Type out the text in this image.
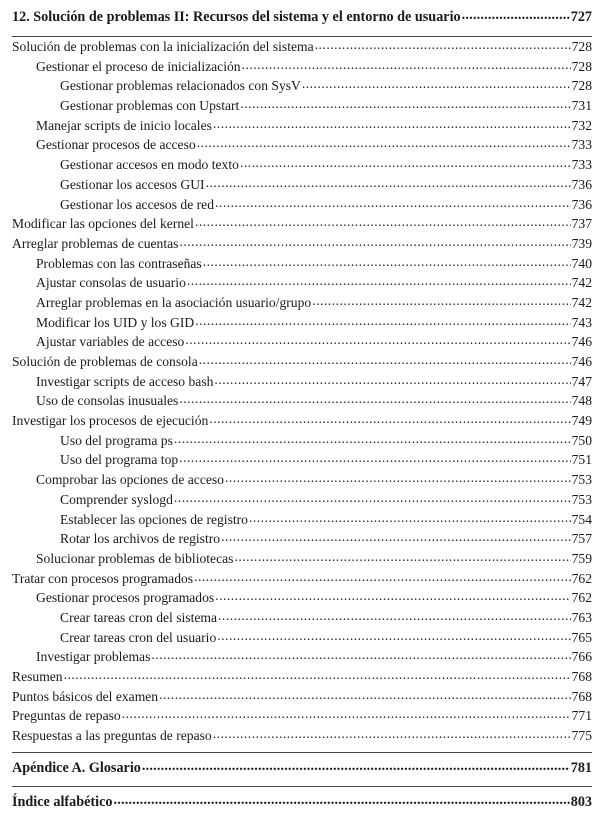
12. Solución de problemas II: Recursos del sistema y el entorno de usuario .....	727
Solución de problemas con la inicialización del sistema .....	728
Gestionar el proceso de inicialización .....	728
Gestionar problemas relacionados con SysV .....	728
Gestionar problemas con Upstart .....	731
Manejar scripts de inicio locales .....	732
Gestionar procesos de acceso .....	733
Gestionar accesos en modo texto .....	733
Gestionar los accesos GUI .....	736
Gestionar los accesos de red .....	736
Modificar las opciones del kernel .....	737
Arreglar problemas de cuentas .....	739
Problemas con las contraseñas .....	740
Ajustar consolas de usuario .....	742
Arreglar problemas en la asociación usuario/grupo .....	742
Modificar los UID y los GID .....	743
Ajustar variables de acceso .....	746
Solución de problemas de consola .....	746
Investigar scripts de acceso bash .....	747
Uso de consolas inusuales .....	748
Investigar los procesos de ejecución .....	749
Uso del programa ps .....	750
Uso del programa top .....	751
Comprobar las opciones de acceso .....	753
Comprender syslogd .....	753
Establecer las opciones de registro .....	754
Rotar los archivos de registro .....	757
Solucionar problemas de bibliotecas .....	759
Tratar con procesos programados .....	762
Gestionar procesos programados .....	762
Crear tareas cron del sistema .....	763
Crear tareas cron del usuario .....	765
Investigar problemas .....	766
Resumen .....	768
Puntos básicos del examen .....	768
Preguntas de repaso .....	771
Respuestas a las preguntas de repaso .....	775
Apéndice A. Glosario .....	781
Índice alfabético .....	803
